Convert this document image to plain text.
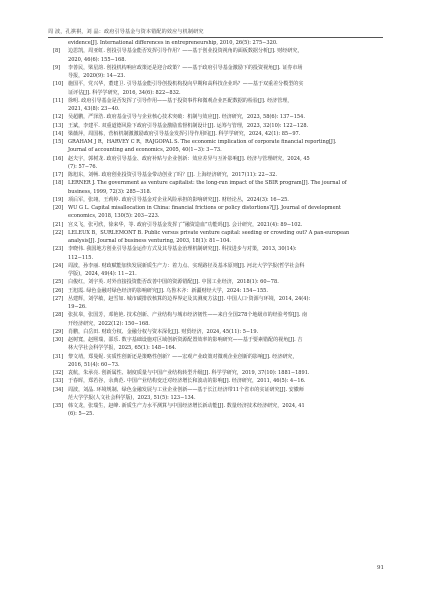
周 波，孔祺祺，刘 晶：政府引导基金与资本错配的效应与机制研究
evidence[J]. International differences in entrepreneurship, 2010, 26(5): 275−320.
[8]	边思凯，周亚虹. 创投引导基金能否发挥引导作用？——基于创业投资视角的面板数据分析[J]. 财经研究，
2020, 46(6): 155−168.
[9]	李善民，梁星韵. 创投机构响应政策还是迎合政策？——基于政府引导基金激励下的投资视角[J]. 证券市场
导报，2020(9): 14−23.
[10] 施国平，党兴华，董建卫. 引导基金能引导创投机构投向早期和高科技企业吗？——基于双重差分模型的实
证评估[J]. 科学学研究，2016, 34(6): 822−832.
[11] 徐明. 政府引导基金是否发挥了引导作用——基于投资事件和微观企业匹配数据的检验[J]. 经济管理，
2021, 43(8): 23−40.
[12] 吴超鹏，严泽浩. 政府基金引导与企业核心技术突破：机制与效应[J]. 经济研究，2023, 58(6): 137−154.
[13] 王斌，李建平. 双重道德风险下政府引导基金激励监督机制设计[J]. 运筹与管理，2023, 32(10): 122−128.
[14] 梁薇萍，周国栋，菅栢机制激激励政府引导基金发挥引导作用吗[J]. 科学学研究，2024, 42(1): 85−97.
[15] GRAHAM J R，HARVEY C R，RAJGOPAL S. The economic implication of corporate financial reporting[J].
Journal of accounting and economics, 2005, 40(1−3): 3−73.
[16] 赵夫宇，郭树龙. 政府引导基金、政府补贴与企业创新：效应差异与互补影响[J]. 经济与管理研究，2024, 45
(7): 57−76.
[17] 陈旭东，刘畅. 政府创业投资引导基金带动创业了吗？[J]. 上海经济研究，2017(11): 22−32.
[18] LERNER J. The government as venture capitalist: the long-run impact of the SBIR program[J]. The journal of
business, 1999, 72(3): 285−318.
[19] 项后军，张翊，王莉婷. 政府引导基金对企业风险承担的影响研究[J]. 财经论丛，2024(3): 16−25.
[20] WU G L. Capital misallocation in China: financial frictions or policy distortions?[J]. Journal of development
economics, 2018, 130(5): 203−223.
[21] 宫义飞，张可欣，徐来华，等. 政府引导基金发挥了“融资造血”功能吗[J]. 会计研究，2021(4): 89−102.
[22] LELEUX B，SURLEMONT B. Public versus private venture capital: seeding or crowding out? A pan-european
analysis[J]. Journal of business venturing, 2003, 18(1): 81−104.
[23] 李晓伟. 我国地方创业引导基金运作方式及其导基金治理机制研究[J]. 科技进步与对策，2013, 30(14):
112−115.
[24] 周波，孙李丽. 财政赋能加快发展新质生产力：着力点、实现路径及基本原则[J]. 河北大学学报(哲学社会科
学版)，2024, 49(4): 11−21.
[25] 白俊红，刘宇英. 对外直接投资能否改善中国的资源错配[J]. 中国工业经济，2018(1): 60−78.
[26] 王旭霞. 绿色金融对绿色经济的影响研究[J]. 乌鲁木齐：新疆财经大学，2024: 154−155.
[27] 丛建辉，刘学敏，赵雪如. 城市碳排放核算的边界界定及其测度方法[J]. 中国人口·资源与环境，2014, 24(4):
19−26.
[28] 张抗皋，张国芳，邓艳艳. 技术创新、产业结构与城市经济韧性——来自全国278个地级市的经验考察[J]. 南
开经济研究，2022(12): 150−168.
[29] 肖鹏，白岳田. 财政分权、金融分权与资本深化[J]. 财贸经济，2024, 45(11): 5−19.
[30] 赵树寬，赵熙瑞，邵乐. 数字基础设施对区域创新资源配置效率的影响研究——基于要素错配的视角[J]. 吉
林大学社会科学学报，2025, 65(1): 148−164.
[31] 黎文靖，郑曼妮. 实质性创新还是策略性创新？——宏观产业政策对微观企业创新的影响[J]. 经济研究，
2016, 51(4): 60−73.
[32] 袁航，朱承亮. 创新属性、制度质量与中国产业结构转型升级[J]. 科学学研究，2019, 37(10): 1881−1891.
[33] 于春晖，郑若谷，余典范. 中国产业结构变迁对经济增长和波动的影响[J]. 经济研究，2011, 46(5): 4−16.
[34] 周波，刘晶. 环境规制、绿色金融发展与工业企业创新——基于长江经济带11个省市的实证研究[J]. 安徽师
范大学学报(人文社会科学版)，2023, 51(5): 123−134.
[35] 韩文龙，张瑞生，赵峰. 新质生产力水平测算与中国经济增长新动能[J]. 数量经济技术经济研究，2024, 41
(6): 5−25.
91
